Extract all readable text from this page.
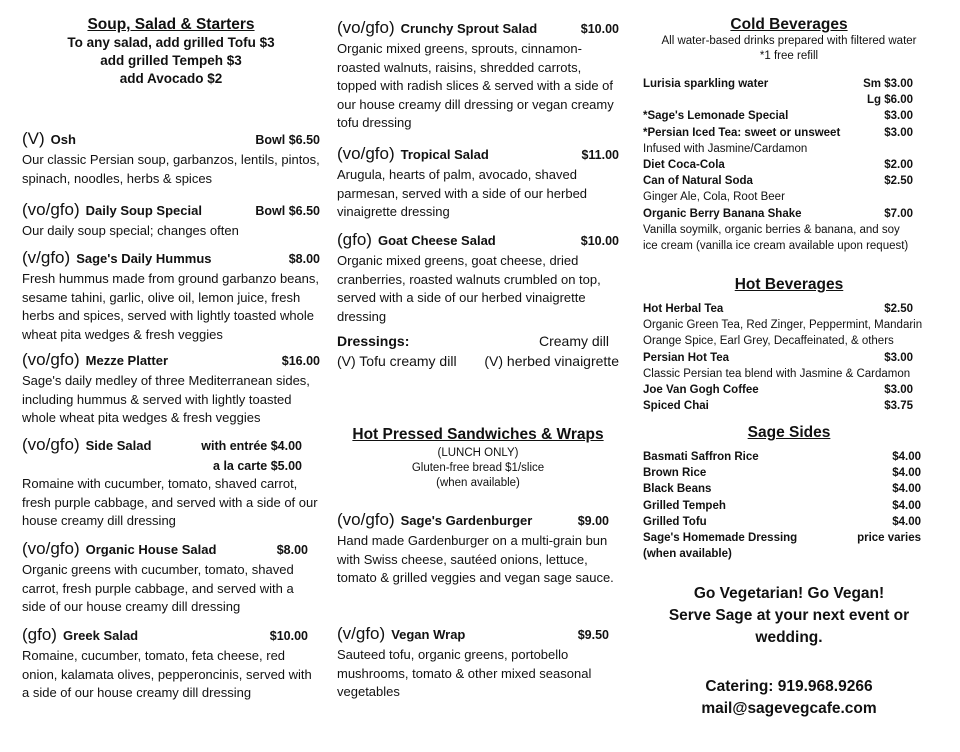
Soup, Salad & Starters
To any salad, add grilled Tofu $3
add grilled Tempeh $3
add Avocado $2
(V) Osh	Bowl $6.50
Our classic Persian soup, garbanzos, lentils, pintos, spinach, noodles, herbs & spices
(vo/gfo) Daily Soup Special	Bowl $6.50
Our daily soup special; changes often
(v/gfo) Sage's Daily Hummus	$8.00
Fresh hummus made from ground garbanzo beans, sesame tahini, garlic, olive oil, lemon juice, fresh herbs and spices, served with lightly toasted whole wheat pita wedges & fresh veggies
(vo/gfo) Mezze Platter	$16.00
Sage's daily medley of three Mediterranean sides, including hummus & served with lightly toasted whole wheat pita wedges & fresh veggies
(vo/gfo) Side Salad	with entrée $4.00
a la carte $5.00
Romaine with cucumber, tomato, shaved carrot, fresh purple cabbage, and served with a side of our house creamy dill dressing
(vo/gfo) Organic House Salad	$8.00
Organic greens with cucumber, tomato, shaved carrot, fresh purple cabbage, and served with a side of our house creamy dill dressing
(gfo) Greek Salad	$10.00
Romaine, cucumber, tomato, feta cheese, red onion, kalamata olives, pepperoncinis, served with a side of our house creamy dill dressing
(vo/gfo) Crunchy Sprout Salad	$10.00
Organic mixed greens, sprouts, cinnamon-roasted walnuts, raisins, shredded carrots, topped with radish slices & served with a side of our house creamy dill dressing or vegan creamy tofu dressing
(vo/gfo) Tropical Salad	$11.00
Arugula, hearts of palm, avocado, shaved parmesan, served with a side of our herbed vinaigrette dressing
(gfo) Goat Cheese Salad	$10.00
Organic mixed greens, goat cheese, dried cranberries, roasted walnuts crumbled on top, served with a side of our herbed vinaigrette dressing
Dressings:	Creamy dill
(V) Tofu creamy dill (V) herbed vinaigrette
Hot Pressed Sandwiches & Wraps
(LUNCH ONLY)
Gluten-free bread $1/slice
(when available)
(vo/gfo) Sage's Gardenburger	$9.00
Hand made Gardenburger on a multi-grain bun with Swiss cheese, sautéed onions, lettuce, tomato & grilled veggies and vegan sage sauce.
(v/gfo) Vegan Wrap	$9.50
Sauteed tofu, organic greens, portobello mushrooms, tomato & other mixed seasonal vegetables
Cold Beverages
All water-based drinks prepared with filtered water
*1 free refill
Lurisia sparkling water	Sm $3.00
Lg $6.00
*Sage's Lemonade Special	$3.00
*Persian Iced Tea: sweet or unsweet	$3.00
Infused with Jasmine/Cardamon
Diet Coca-Cola	$2.00
Can of Natural Soda	$2.50
Ginger Ale, Cola, Root Beer
Organic Berry Banana Shake	$7.00
Vanilla soymilk, organic berries & banana, and soy ice cream (vanilla ice cream available upon request)
Hot Beverages
Hot Herbal Tea	$2.50
Organic Green Tea, Red Zinger, Peppermint, Mandarin Orange Spice, Earl Grey, Decaffeinated, & others
Persian Hot Tea	$3.00
Classic Persian tea blend with Jasmine & Cardamon
Joe Van Gogh Coffee	$3.00
Spiced Chai	$3.75
Sage Sides
Basmati Saffron Rice	$4.00
Brown Rice	$4.00
Black Beans	$4.00
Grilled Tempeh	$4.00
Grilled Tofu	$4.00
Sage's Homemade Dressing	price varies
(when available)
Go Vegetarian! Go Vegan!
Serve Sage at your next event or
wedding.
Catering: 919.968.9266
mail@sagevegcafe.com
